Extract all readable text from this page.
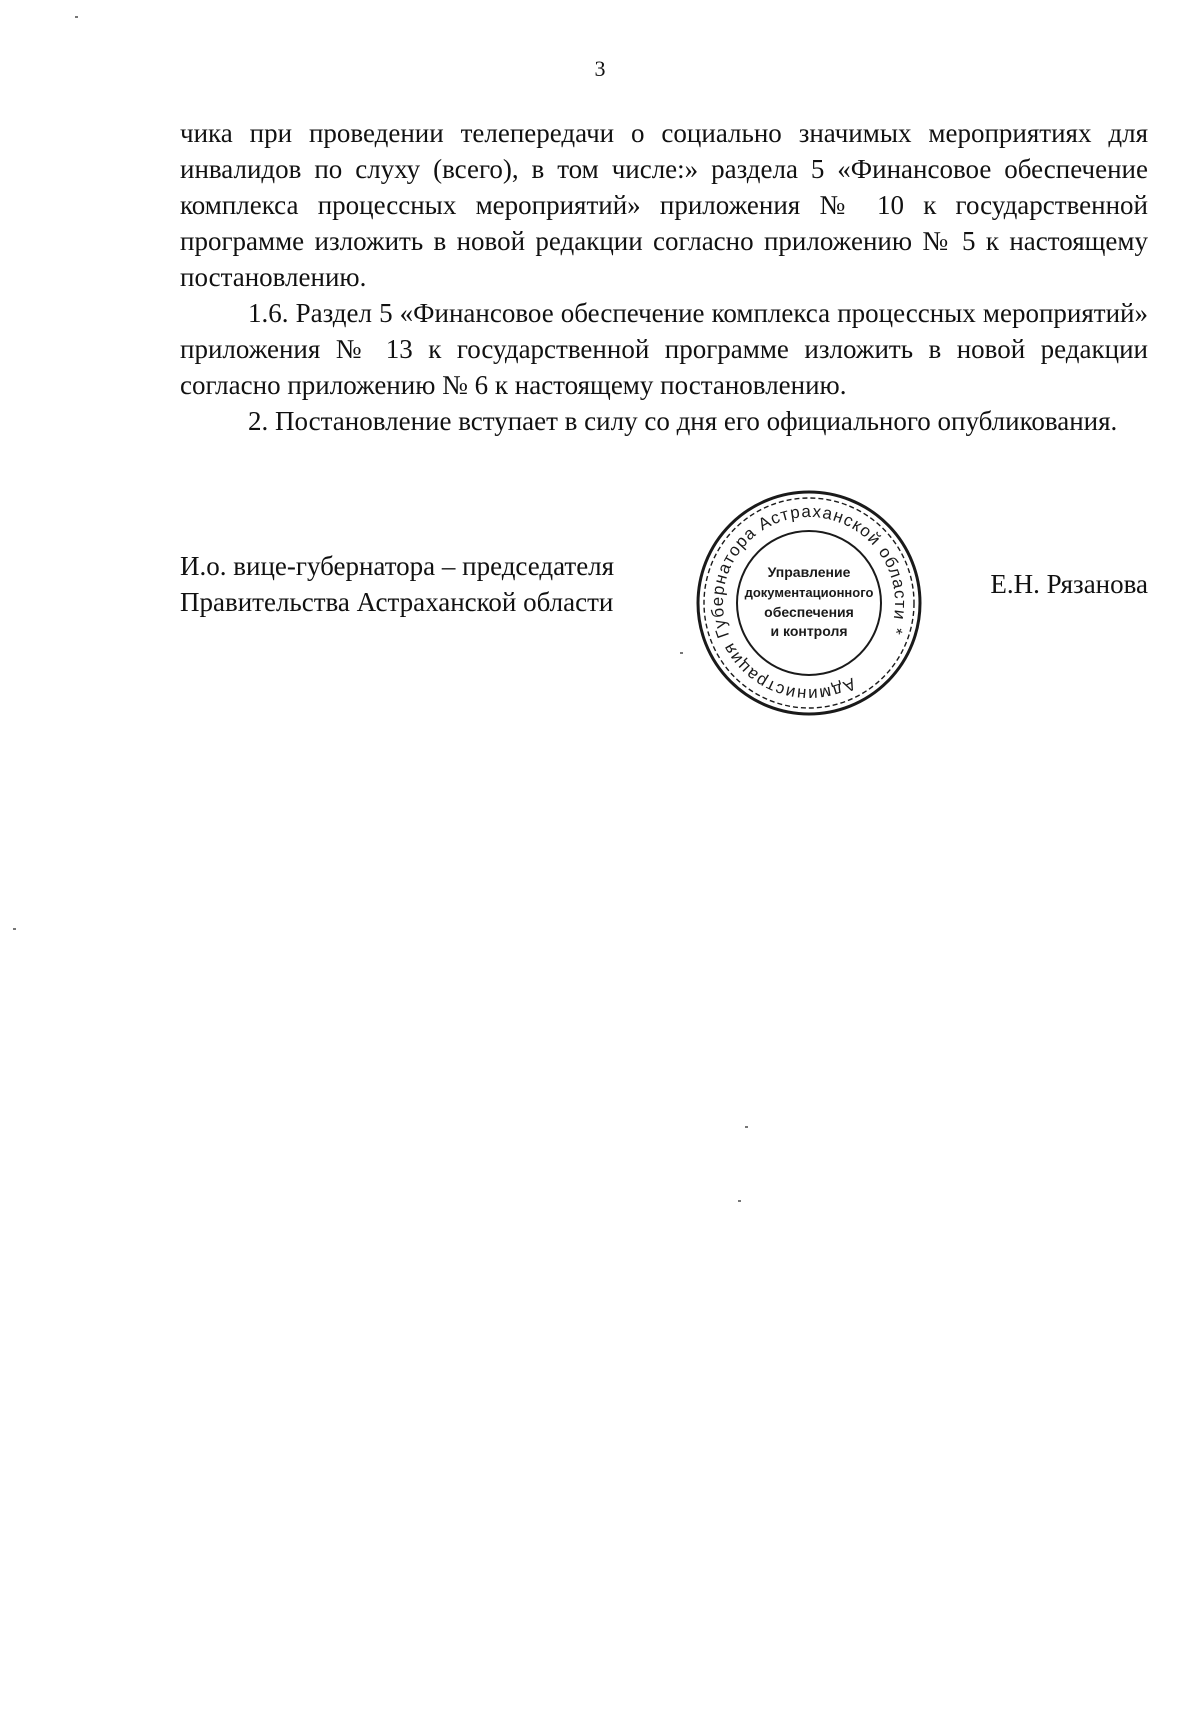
3

чика при проведении телепередачи о социально значимых мероприятиях для инвалидов по слуху (всего), в том числе:» раздела 5 «Финансовое обеспечение комплекса процессных мероприятий» приложения № 10 к государственной программе изложить в новой редакции согласно приложению № 5 к настоящему постановлению.

1.6. Раздел 5 «Финансовое обеспечение комплекса процессных мероприятий» приложения № 13 к государственной программе изложить в новой редакции согласно приложению № 6 к настоящему постановлению.

2. Постановление вступает в силу со дня его официального опубликования.

И.о. вице-губернатора – председателя
Правительства Астраханской области
Администрация Губернатора Астраханской области *
Управление
документационного
обеспечения
и контроля
Е.Н. Рязанова
